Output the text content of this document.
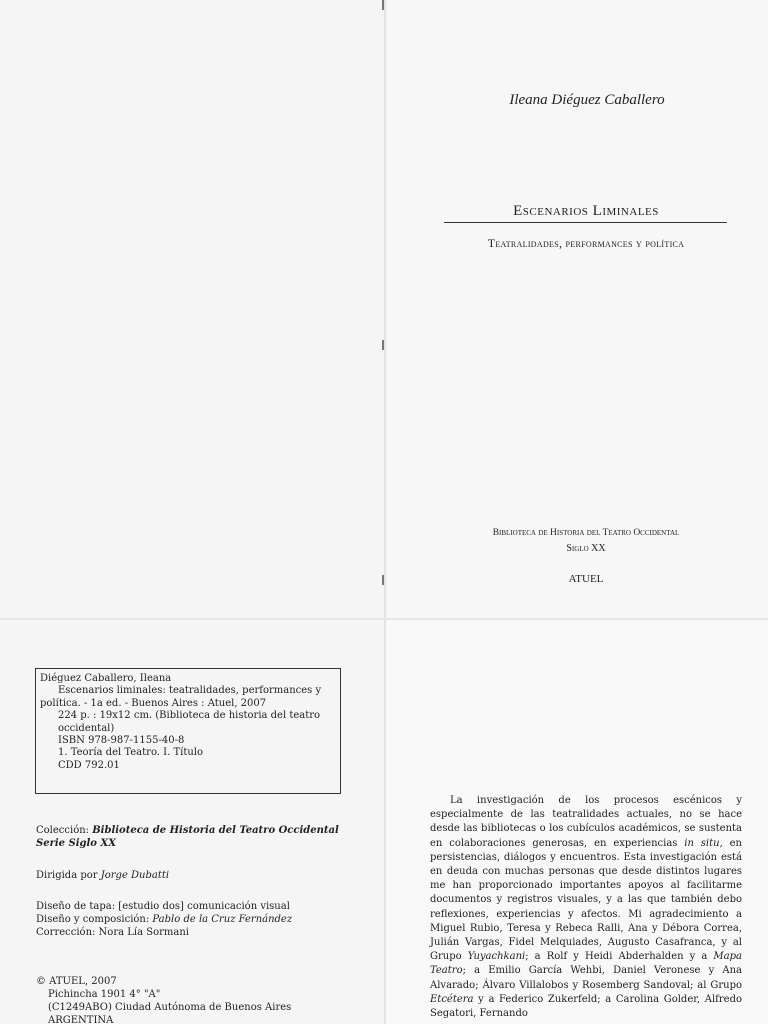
Ileana Diéguez Caballero
Escenarios Liminales
Teatralidades, performances y política
Biblioteca de Historia del Teatro Occidental
Siglo XX
ATUEL
Diéguez Caballero, Ileana
Escenarios liminales: teatralidades, performances y política. - 1a ed. - Buenos Aires : Atuel, 2007
224 p. : 19x12 cm. (Biblioteca de historia del teatro occidental)
ISBN 978-987-1155-40-8
1. Teoría del Teatro. I. Título
CDD 792.01
Colección: Biblioteca de Historia del Teatro Occidental
Serie Siglo XX
Dirigida por Jorge Dubatti
Diseño de tapa: [estudio dos] comunicación visual
Diseño y composición: Pablo de la Cruz Fernández
Corrección: Nora Lía Sormani
© ATUEL, 2007
Pichincha 1901 4° "A"
(C1249ABO) Ciudad Autónoma de Buenos Aires
ARGENTINA
La investigación de los procesos escénicos y especialmente de las teatralidades actuales, no se hace desde las bibliotecas o los cubículos académicos, se sustenta en colaboraciones generosas, en experiencias in situ, en persistencias, diálogos y encuentros. Esta investigación está en deuda con muchas personas que desde distintos lugares me han proporcionado importantes apoyos al facilitarme documentos y registros visuales, y a las que también debo reflexiones, experiencias y afectos. Mi agradecimiento a Miguel Rubio, Teresa y Rebeca Ralli, Ana y Débora Correa, Julián Vargas, Fidel Melquiades, Augusto Casafranca, y al Grupo Yuyachkani; a Rolf y Heidi Abderhalden y a Mapa Teatro; a Emilio García Wehbi, Daniel Veronese y Ana Alvarado; Álvaro Villalobos y Rosemberg Sandoval; al Grupo Etcétera y a Federico Zukerfeld; a Carolina Golder, Alfredo Segatori, Fernando
